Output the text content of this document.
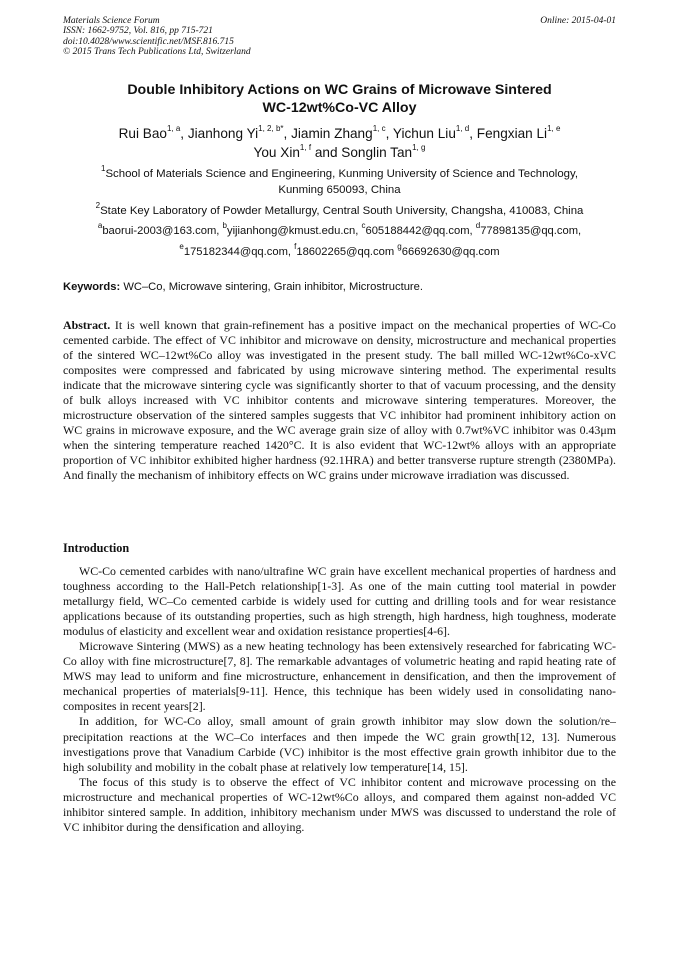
Materials Science Forum
ISSN: 1662-9752, Vol. 816, pp 715-721
doi:10.4028/www.scientific.net/MSF.816.715
© 2015 Trans Tech Publications Ltd, Switzerland
Online: 2015-04-01
Double Inhibitory Actions on WC Grains of Microwave Sintered
WC-12wt%Co-VC Alloy
Rui Bao$^{1, a}$, Jianhong $Yi^{1, 2, b*}$, Jiamin Zhang$^{1, c}$, Yichun Liu$^{1, d}$, Fengxian Li$^{1, e}$
You Xin$^{1, f}$ and Songlin Tan$^{1, g}$
$^1$School of Materials Science and Engineering, Kunming University of Science and Technology,
Kunming 650093, China
$^2$State Key Laboratory of Powder Metallurgy, Central South University, Changsha, 410083, China
$^a$baorui-2003@163.com, $^b$yijianhong@kmust.edu.cn, $^c$605188442@qq.com, $^d$77898135@qq.com,
$^e$175182344@qq.com, $^f$18602265@qq.com $^g$66692630@qq.com
Keywords: WC–Co, Microwave sintering, Grain inhibitor, Microstructure.

Abstract. It is well known that grain-refinement has a positive impact on the mechanical properties of WC-Co cemented carbide. The effect of VC inhibitor and microwave on density, microstructure and mechanical properties of the sintered WC–12wt%Co alloy was investigated in the present study. The ball milled WC-12wt%Co-xVC composites were compressed and fabricated by using microwave sintering method. The experimental results indicate that the microwave sintering cycle was significantly shorter to that of vacuum processing, and the density of bulk alloys increased with VC inhibitor contents and microwave sintering temperatures. Moreover, the microstructure observation of the sintered samples suggests that VC inhibitor had prominent inhibitory action on WC grains in microwave exposure, and the WC average grain size of alloy with 0.7wt%VC inhibitor was 0.43μm when the sintering temperature reached 1420°C. It is also evident that WC-12wt% alloys with an appropriate proportion of VC inhibitor exhibited higher hardness (92.1HRA) and better transverse rupture strength (2380MPa). And finally the mechanism of inhibitory effects on WC grains under microwave irradiation was discussed.

Introduction

WC-Co cemented carbides with nano/ultrafine WC grain have excellent mechanical properties of hardness and toughness according to the Hall-Petch relationship[1-3]. As one of the main cutting tool material in powder metallurgy field, WC–Co cemented carbide is widely used for cutting and drilling tools and for wear resistance applications because of its outstanding properties, such as high strength, high hardness, high toughness, moderate modulus of elasticity and excellent wear and oxidation resistance properties[4-6].

Microwave Sintering (MWS) as a new heating technology has been extensively researched for fabricating WC-Co alloy with fine microstructure[7, 8]. The remarkable advantages of volumetric heating and rapid heating rate of MWS may lead to uniform and fine microstructure, enhancement in densification, and then the improvement of mechanical properties of materials[9-11]. Hence, this technique has been widely used in consolidating nano-composites in recent years[2].

In addition, for WC-Co alloy, small amount of grain growth inhibitor may slow down the solution/re–precipitation reactions at the WC–Co interfaces and then impede the WC grain growth[12, 13]. Numerous investigations prove that Vanadium Carbide (VC) inhibitor is the most effective grain growth inhibitor due to the high solubility and mobility in the cobalt phase at relatively low temperature[14, 15].

The focus of this study is to observe the effect of VC inhibitor content and microwave processing on the microstructure and mechanical properties of WC-12wt%Co alloys, and compared them against non-added VC inhibitor sintered sample. In addition, inhibitory mechanism under MWS was discussed to understand the role of VC inhibitor during the densification and alloying.
